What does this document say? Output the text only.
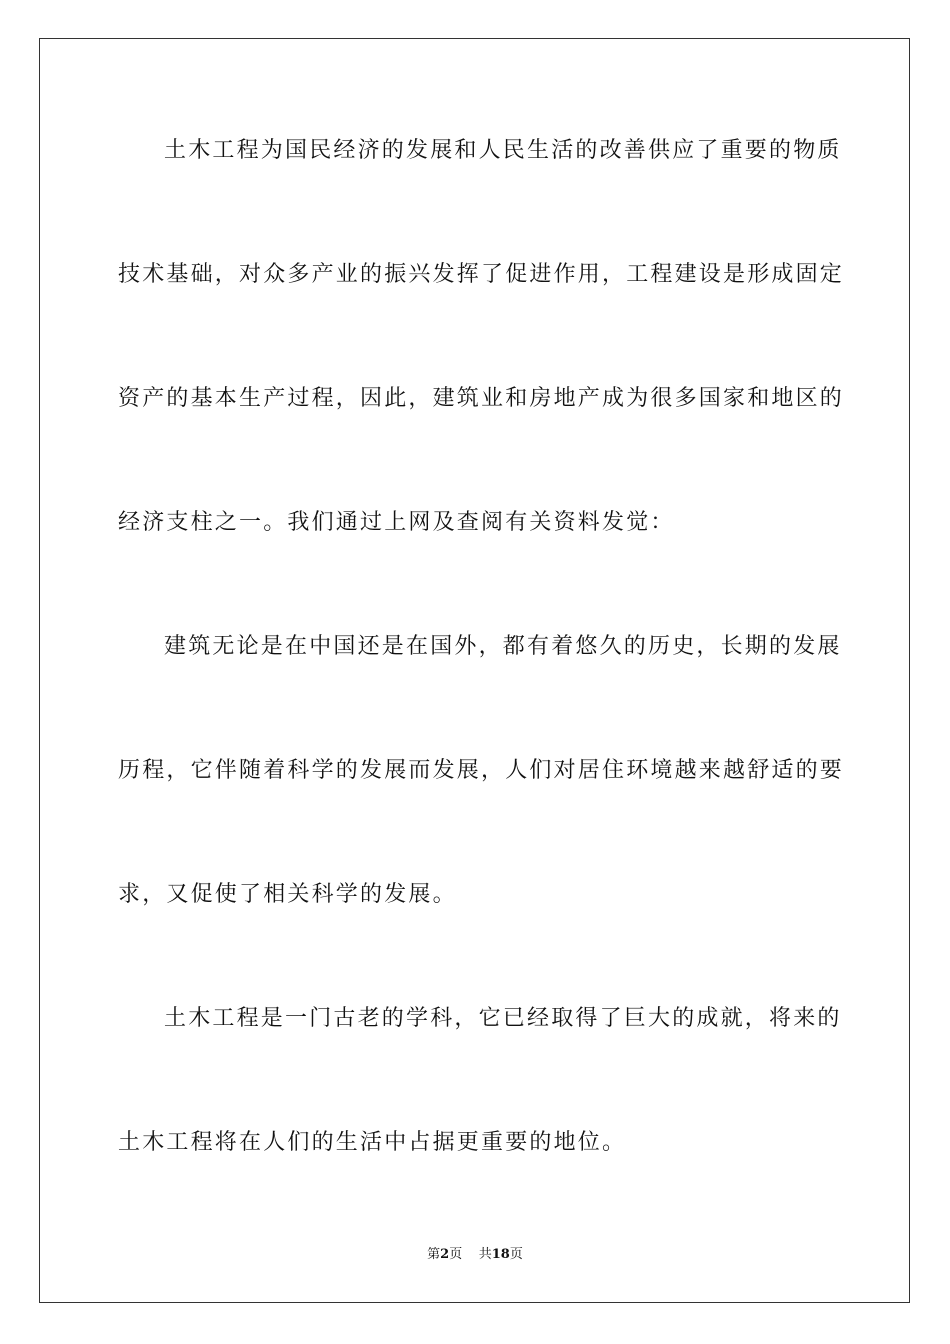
土木工程为国民经济的发展和人民生活的改善供应了重要的物质
技术基础，对众多产业的振兴发挥了促进作用，工程建设是形成固定
资产的基本生产过程，因此，建筑业和房地产成为很多国家和地区的
经济支柱之一。我们通过上网及查阅有关资料发觉：
建筑无论是在中国还是在国外，都有着悠久的历史，长期的发展
历程，它伴随着科学的发展而发展，人们对居住环境越来越舒适的要
求，又促使了相关科学的发展。
土木工程是一门古老的学科，它已经取得了巨大的成就，将来的
土木工程将在人们的生活中占据更重要的地位。
第2页 共18页
